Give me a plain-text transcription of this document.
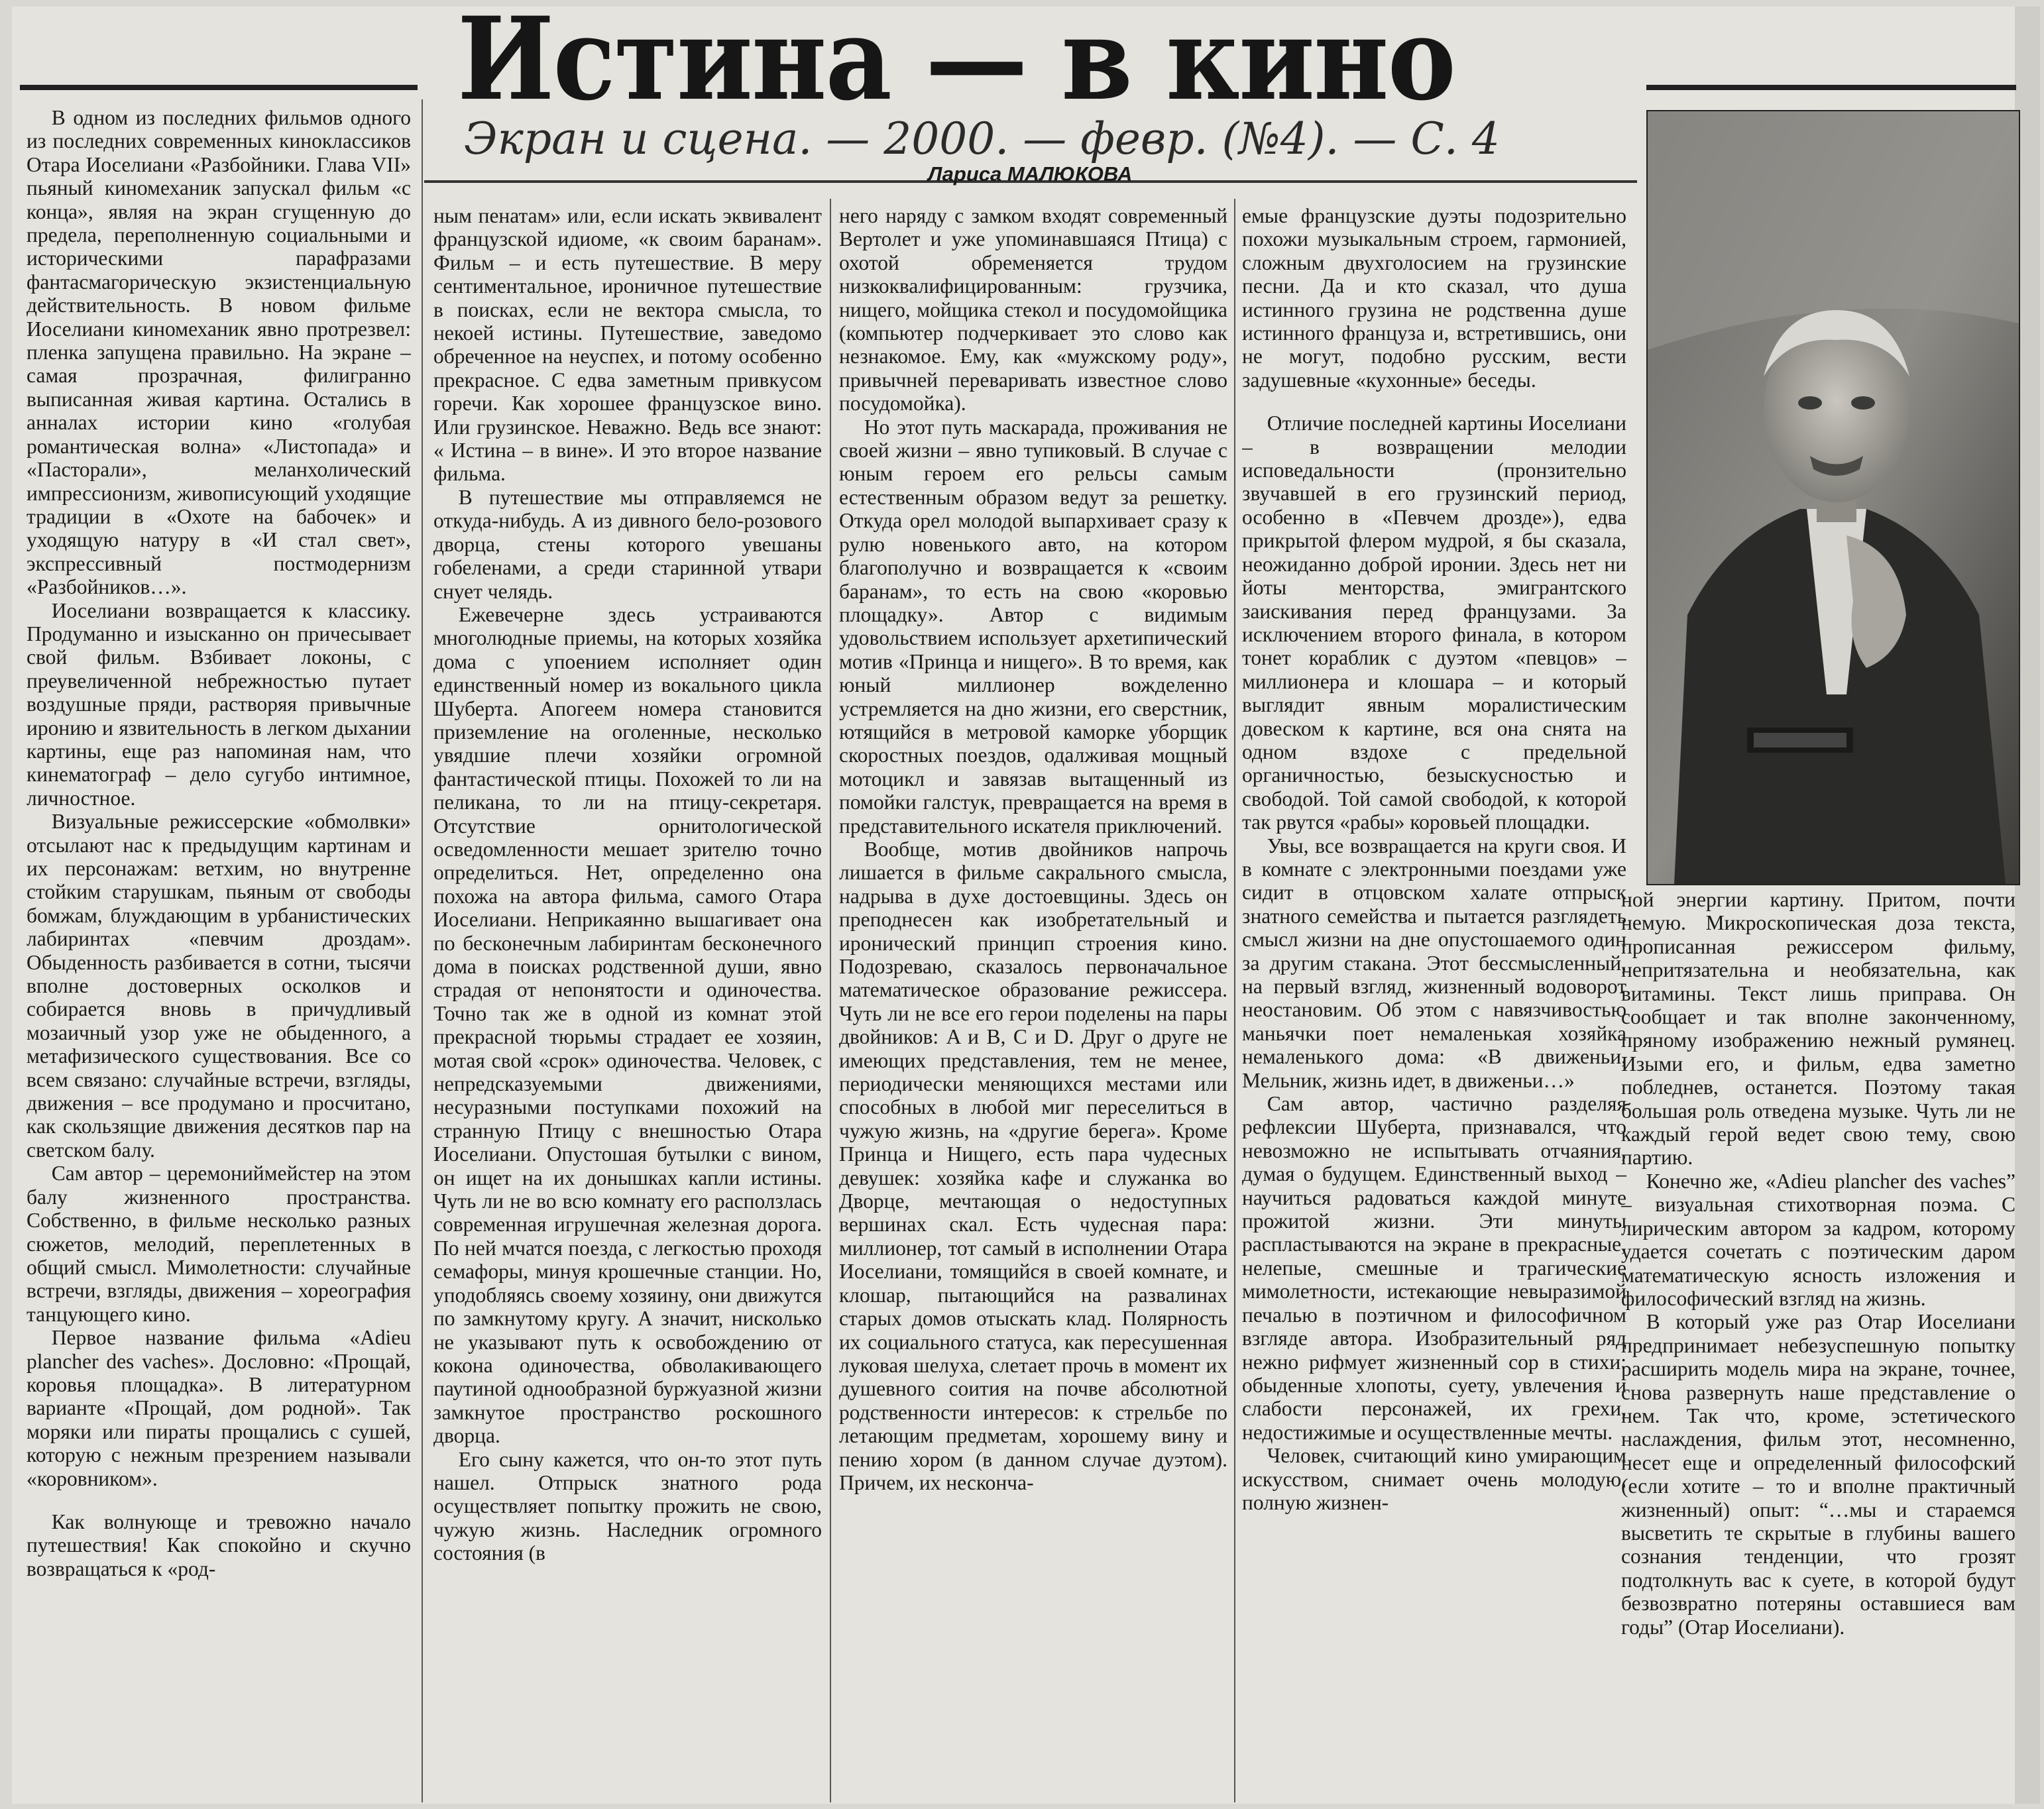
Истина — в кино
Экран и сцена. — 2000. — февр. (№4). — С. 4
Лариса МАЛЮКОВА

В одном из последних фильмов одного из последних современных киноклассиков Отара Иоселиани «Разбойники. Глава VII» пьяный киномеханик запускал фильм «с конца», являя на экран сгущенную до предела, переполненную социальными и историческими парафразами фантасмагорическую экзистенциальную действительность. В новом фильме Иоселиани киномеханик явно протрезвел: пленка запущена правильно. На экране – самая прозрачная, филигранно выписанная живая картина. Остались в анналах истории кино «голубая романтическая волна» «Листопада» и «Пасторали», меланхолический импрессионизм, живописующий уходящие традиции в «Охоте на бабочек» и уходящую натуру в «И стал свет», экспрессивный постмодернизм «Разбойников…».

Иоселиани возвращается к классику. Продуманно и изысканно он причесывает свой фильм. Взбивает локоны, с преувеличенной небрежностью путает воздушные пряди, растворяя привычные иронию и язвительность в легком дыхании картины, еще раз напоминая нам, что кинематограф – дело сугубо интимное, личностное.

Визуальные режиссерские «обмолвки» отсылают нас к предыдущим картинам и их персонажам: ветхим, но внутренне стойким старушкам, пьяным от свободы бомжам, блуждающим в урбанистических лабиринтах «певчим дроздам». Обыденность разбивается в сотни, тысячи вполне достоверных осколков и собирается вновь в причудливый мозаичный узор уже не обыденного, а метафизического существования. Все со всем связано: случайные встречи, взгляды, движения – все продумано и просчитано, как скользящие движения десятков пар на светском балу.

Сам автор – церемониймейстер на этом балу жизненного пространства. Собственно, в фильме несколько разных сюжетов, мелодий, переплетенных в общий смысл. Мимолетности: случайные встречи, взгляды, движения – хореография танцующего кино.

Первое название фильма «Adieu plancher des vaches». Дословно: «Прощай, коровья площадка». В литературном варианте «Прощай, дом родной». Так моряки или пираты прощались с сушей, которую с нежным презрением называли «коровником».

Как волнующе и тревожно начало путешествия! Как спокойно и скучно возвращаться к «род-

ным пенатам» или, если искать эквивалент французской идиоме, «к своим баранам». Фильм – и есть путешествие. В меру сентиментальное, ироничное путешествие в поисках, если не вектора смысла, то некоей истины. Путешествие, заведомо обреченное на неуспех, и потому особенно прекрасное. С едва заметным привкусом горечи. Как хорошее французское вино. Или грузинское. Неважно. Ведь все знают: « Истина – в вине». И это второе название фильма.

В путешествие мы отправляемся не откуда-нибудь. А из дивного бело-розового дворца, стены которого увешаны гобеленами, а среди старинной утвари снует челядь.

Ежевечерне здесь устраиваются многолюдные приемы, на которых хозяйка дома с упоением исполняет один единственный номер из вокального цикла Шуберта. Апогеем номера становится приземление на оголенные, несколько увядшие плечи хозяйки огромной фантастической птицы. Похожей то ли на пеликана, то ли на птицу-секретаря. Отсутствие орнитологической осведомленности мешает зрителю точно определиться. Нет, определенно она похожа на автора фильма, самого Отара Иоселиани. Неприкаянно вышагивает она по бесконечным лабиринтам бесконечного дома в поисках родственной души, явно страдая от непонятости и одиночества. Точно так же в одной из комнат этой прекрасной тюрьмы страдает ее хозяин, мотая свой «срок» одиночества. Человек, с непредсказуемыми движениями, несуразными поступками похожий на странную Птицу с внешностью Отара Иоселиани. Опустошая бутылки с вином, он ищет на их донышках капли истины. Чуть ли не во всю комнату его расползлась современная игрушечная железная дорога. По ней мчатся поезда, с легкостью проходя семафоры, минуя крошечные станции. Но, уподобляясь своему хозяину, они движутся по замкнутому кругу. А значит, нисколько не указывают путь к освобождению от кокона одиночества, обволакивающего паутиной однообразной буржуазной жизни замкнутое пространство роскошного дворца.

Его сыну кажется, что он-то этот путь нашел. Отпрыск знатного рода осуществляет попытку прожить не свою, чужую жизнь. Наследник огромного состояния (в

него наряду с замком входят современный Вертолет и уже упоминавшаяся Птица) с охотой обременяется трудом низкоквалифицированным: грузчика, нищего, мойщика стекол и посудомойщика (компьютер подчеркивает это слово как незнакомое. Ему, как «мужскому роду», привычней переваривать известное слово посудомойка).

Но этот путь маскарада, проживания не своей жизни – явно тупиковый. В случае с юным героем его рельсы самым естественным образом ведут за решетку. Откуда орел молодой выпархивает сразу к рулю новенького авто, на котором благополучно и возвращается к «своим баранам», то есть на свою «коровью площадку». Автор с видимым удовольствием использует архетипический мотив «Принца и нищего». В то время, как юный миллионер вожделенно устремляется на дно жизни, его сверстник, ютящийся в метровой каморке уборщик скоростных поездов, одалживая мощный мотоцикл и завязав вытащенный из помойки галстук, превращается на время в представительного искателя приключений.

Вообще, мотив двойников напрочь лишается в фильме сакрального смысла, надрыва в духе достоевщины. Здесь он преподнесен как изобретательный и иронический принцип строения кино. Подозреваю, сказалось первоначальное математическое образование режиссера. Чуть ли не все его герои поделены на пары двойников: A и B, C и D. Друг о друге не имеющих представления, тем не менее, периодически меняющихся местами или способных в любой миг переселиться в чужую жизнь, на «другие берега». Кроме Принца и Нищего, есть пара чудесных девушек: хозяйка кафе и служанка во Дворце, мечтающая о недоступных вершинах скал. Есть чудесная пара: миллионер, тот самый в исполнении Отара Иоселиани, томящийся в своей комнате, и клошар, пытающийся на развалинах старых домов отыскать клад. Полярность их социального статуса, как пересушенная луковая шелуха, слетает прочь в момент их душевного соития на почве абсолютной родственности интересов: к стрельбе по летающим предметам, хорошему вину и пению хором (в данном случае дуэтом). Причем, их нескончa-

емые французские дуэты подозрительно похожи музыкальным строем, гармонией, сложным двухголосием на грузинские песни. Да и кто сказал, что душа истинного грузина не родственна душе истинного француза и, встретившись, они не могут, подобно русским, вести задушевные «кухонные» беседы.

Отличие последней картины Иоселиани – в возвращении мелодии исповедальности (пронзительно звучавшей в его грузинский период, особенно в «Певчем дрозде»), едва прикрытой флером мудрой, я бы сказала, неожиданно доброй иронии. Здесь нет ни йоты менторства, эмигрантского заискивания перед французами. За исключением второго финала, в котором тонет кораблик с дуэтом «певцов» – миллионера и клошара – и который выглядит явным моралистическим довеском к картине, вся она снята на одном вздохе с предельной органичностью, безыскусностью и свободой. Той самой свободой, к которой так рвутся «рабы» коровьей площадки.

Увы, все возвращается на круги своя. И в комнате с электронными поездами уже сидит в отцовском халате отпрыск знатного семейства и пытается разглядеть смысл жизни на дне опустошаемого один за другим стакана. Этот бессмысленный, на первый взгляд, жизненный водоворот неостановим. Об этом с навязчивостью маньячки поет немаленькая хозяйка немаленького дома: «В движеньи, Мельник, жизнь идет, в движеньи…»

Сам автор, частично разделяя рефлексии Шуберта, признавался, что невозможно не испытывать отчаяния, думая о будущем. Единственный выход – научиться радоваться каждой минуте прожитой жизни. Эти минуты распластываются на экране в прекрасные, нелепые, смешные и трагические мимолетности, истекающие невыразимой печалью в поэтичном и философичном взгляде автора. Изобразительный ряд нежно рифмует жизненный сор в стихи: обыденные хлопоты, суету, увлечения и слабости персонажей, их грехи, недостижимые и осуществленные мечты.

Человек, считающий кино умирающим искусством, снимает очень молодую, полную жизнен-

ной энергии картину. Притом, почти немую. Микроскопическая доза текста, прописанная режиссером фильму, непритязательна и необязательна, как витамины. Текст лишь приправа. Он сообщает и так вполне законченному, пряному изображению нежный румянец. Изыми его, и фильм, едва заметно побледнев, останется. Поэтому такая большая роль отведена музыке. Чуть ли не каждый герой ведет свою тему, свою партию.

Конечно же, «Adieu plancher des vaches” – визуальная стихотворная поэма. С лирическим автором за кадром, которому удается сочетать с поэтическим даром математическую ясность изложения и философический взгляд на жизнь.

В который уже раз Отар Иоселиани предпринимает небезуспешную попытку расширить модель мира на экране, точнее, снова развернуть наше представление о нем. Так что, кроме, эстетического наслаждения, фильм этот, несомненно, несет еще и определенный философский (если хотите – то и вполне практичный жизненный) опыт: “…мы и стараемся высветить те скрытые в глубины вашего сознания тенденции, что грозят подтолкнуть вас к суете, в которой будут безвозвратно потеряны оставшиеся вам годы” (Отар Иоселиани).
